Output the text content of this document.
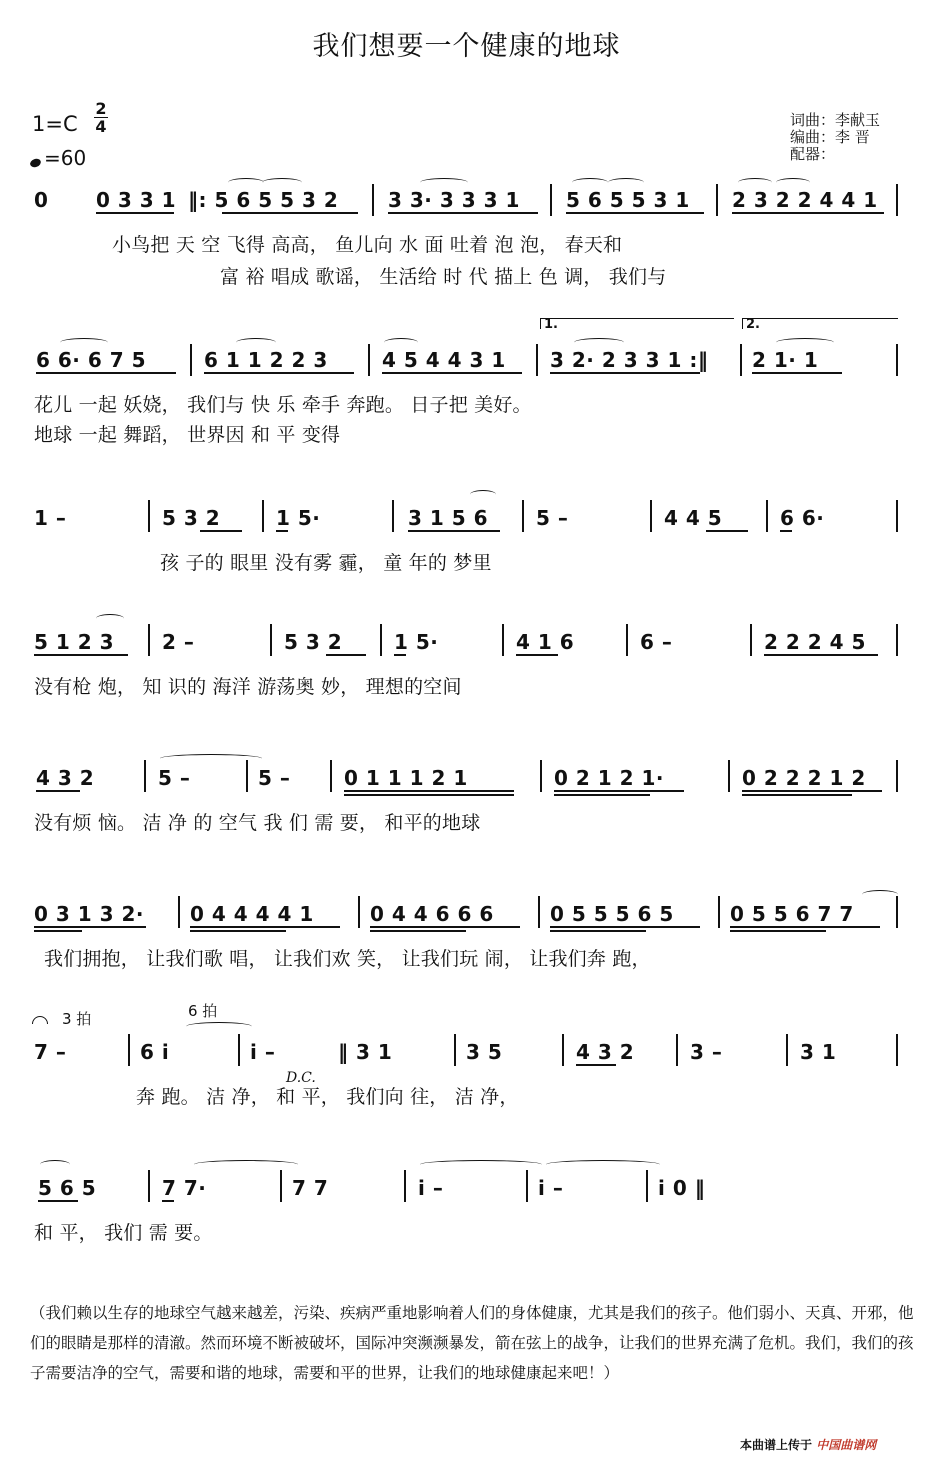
我们想要一个健康的地球
1=C
2
4
=60
词曲：李献玉
编曲：李 晋
配器：
0 0 3 3 1 ‖: 5 6 5 5 3 2 3 3· 3 3 3 1 5 6 5 5 3 1 2 3 2 2 4 4 1
小鸟把 天 空 飞得 高高， 鱼儿向 水 面 吐着 泡 泡， 春天和
富 裕 唱成 歌谣， 生活给 时 代 描上 色 调， 我们与
1.	2.
6 6· 6 7 5	6 1 1 2 2 3	4 5 4 4 3 1 3 2· 2 3 3 1 :‖ 2 1· 1
花儿 一起 妖娆， 我们与 快 乐 牵手 奔跑。 日子把 美好。
地球 一起 舞蹈， 世界因 和 平 变得
1 –	5 3 2	1 5·	3 1 5 6 5 –	4 4 5	6 6·
孩 子的 眼里 没有雾 霾， 童 年的 梦里
5 1 2 3 2 –	5 3 2	1 5·	4 1 6	6 –	2 2 2 4 5
没有枪 炮， 知 识的 海洋 游荡奥 妙， 理想的空间
4 3 2	5 –	5 –	0 1 1 1 2 1	0 2 1 2 1·	0 2 2 2 1 2
没有烦 恼。 洁 净 的 空气 我 们 需 要， 和平的地球
0 3 1 3 2· 0 4 4 4 4 1	0 4 4 6 6 6	0 5 5 5 6 5	0 5 5 6 7 7
我们拥抱， 让我们歌 唱， 让我们欢 笑， 让我们玩 闹， 让我们奔 跑，
3 拍	6 拍
7 –	6 i	i –	‖ 3 1	3 5	4 3 2	3 –	3 1
D.C.
奔 跑。 洁 净， 和 平， 我们向 往， 洁 净，
5 6 5	7 7·	7 7	i –	i –	i 0 ‖
和 平， 我们 需 要。
（我们赖以生存的地球空气越来越差，污染、疾病严重地影响着人们的身体健康，尤其是我们的孩子。他们弱小、天真、开邪，他们的眼睛是那样的清澈。然而环境不断被破坏，国际冲突濒濒暴发，箭在弦上的战争，让我们的世界充满了危机。我们，我们的孩子需要洁净的空气，需要和谐的地球，需要和平的世界，让我们的地球健康起来吧！）
本曲谱上传于 中国曲谱网
